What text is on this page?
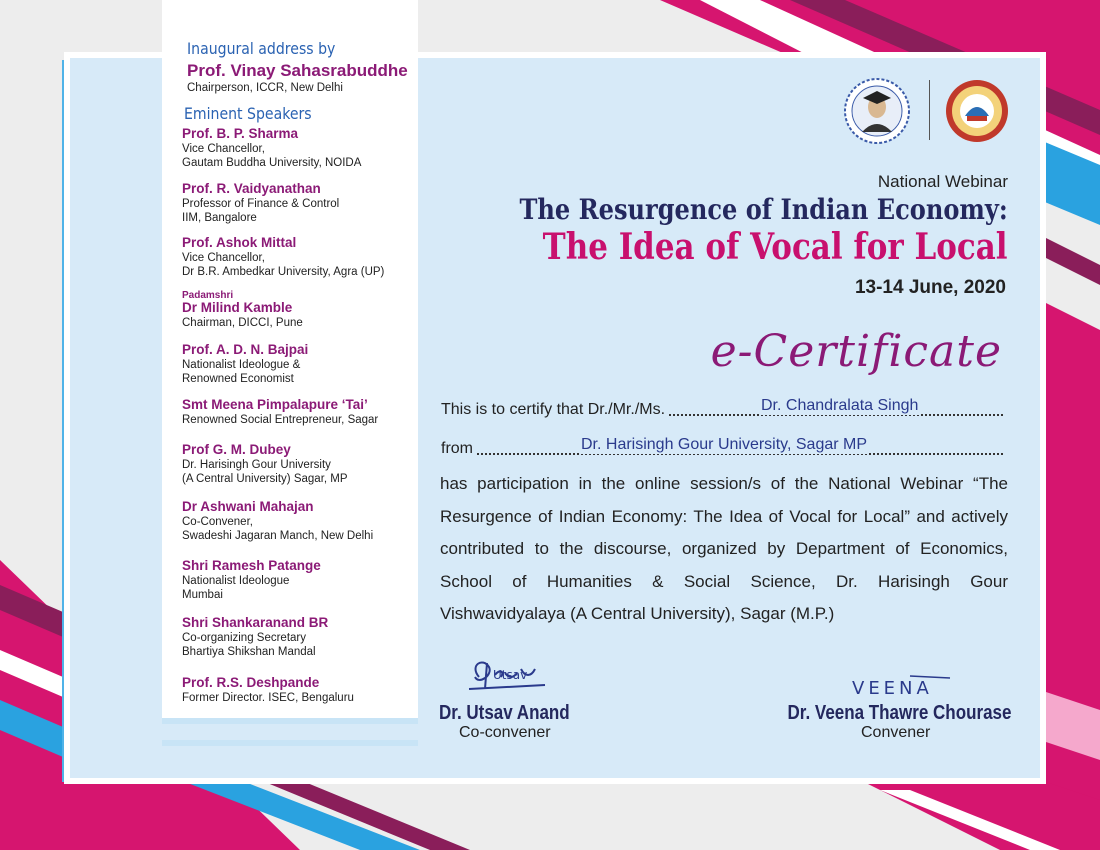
Inaugural address by
Prof. Vinay Sahasrabuddhe
Chairperson, ICCR, New Delhi
Eminent Speakers
Prof. B. P. Sharma
Vice Chancellor,
Gautam Buddha University, NOIDA
Prof. R. Vaidyanathan
Professor of Finance & Control
IIM, Bangalore
Prof. Ashok Mittal
Vice Chancellor,
Dr B.R. Ambedkar University, Agra (UP)
Padamshri
Dr Milind Kamble
Chairman, DICCI, Pune
Prof. A. D. N. Bajpai
Nationalist Ideologue &
Renowned Economist
Smt Meena Pimpalapure ‘Tai’
Renowned Social Entrepreneur, Sagar
Prof G. M. Dubey
Dr. Harisingh Gour University
(A Central University) Sagar, MP
Dr Ashwani Mahajan
Co-Convener,
Swadeshi Jagaran Manch, New Delhi
Shri Ramesh Patange
Nationalist Ideologue
Mumbai
Shri Shankaranand BR
Co-organizing Secretary
Bhartiya Shikshan Mandal
Prof. R.S. Deshpande
Former Director. ISEC, Bengaluru
National Webinar
The Resurgence of Indian Economy:
The Idea of Vocal for Local
13-14 June, 2020
e-Certificate
This is to certify that Dr./Mr./Ms.	Dr. Chandralata Singh
from	Dr. Harisingh Gour University, Sagar MP
has participation in the online session/s of the National Webinar “The Resurgence of Indian Economy: The Idea of Vocal for Local” and actively contributed to the discourse, organized by Department of Economics, School of Humanities & Social Science, Dr. Harisingh Gour Vishwavidyalaya (A Central University), Sagar (M.P.)
Utsav
Dr. Utsav Anand
Co-convener
VEENA
Dr. Veena Thawre Chourase
Convener
